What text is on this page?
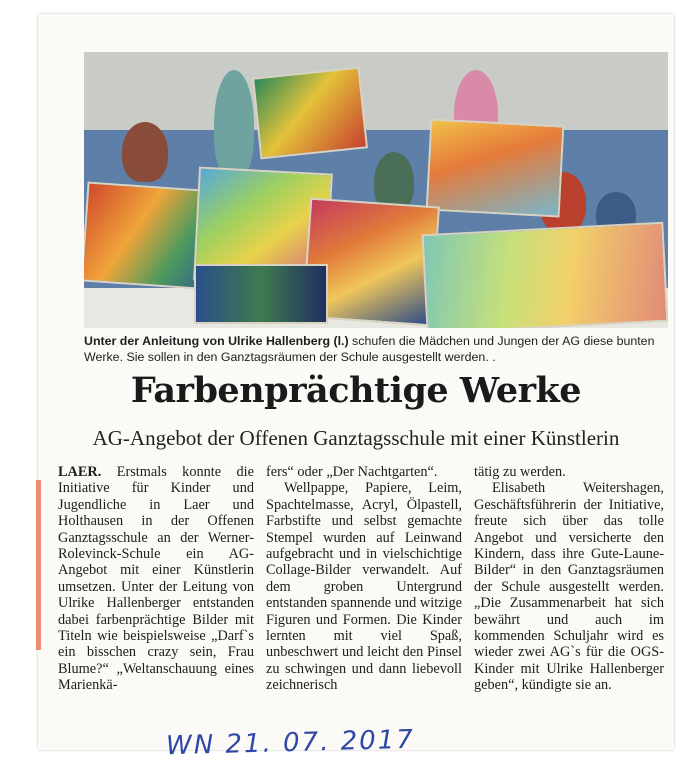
Unter der Anleitung von Ulrike Hallenberg (l.) schufen die Mädchen und Jungen der AG diese bunten Werke. Sie sollen in den Ganztagsräumen der Schule ausgestellt werden. .
Farbenprächtige Werke
AG-Angebot der Offenen Ganztagsschule mit einer Künstlerin

LAER. Erstmals konnte die Initiative für Kinder und Jugendliche in Laer und Holthausen in der Offenen Ganztagsschule an der Werner-Rolevinck-Schule ein AG-Angebot mit einer Künstlerin umsetzen. Unter der Leitung von Ulrike Hallenberger entstanden dabei farbenprächtige Bilder mit Titeln wie beispielsweise „Darf`s ein bisschen crazy sein, Frau Blume?“ „Weltanschauung eines Marienkä-

fers“ oder „Der Nachtgarten“.

Wellpappe, Papiere, Leim, Spachtelmasse, Acryl, Ölpastell, Farbstifte und selbst gemachte Stempel wurden auf Leinwand aufgebracht und in vielschichtige Collage-Bilder verwandelt. Auf dem groben Untergrund entstanden spannende und witzige Figuren und Formen. Die Kinder lernten mit viel Spaß, unbeschwert und leicht den Pinsel zu schwingen und dann liebevoll zeichnerisch

tätig zu werden.

Elisabeth Weitershagen, Geschäftsführerin der Initiative, freute sich über das tolle Angebot und versicherte den Kindern, dass ihre Gute-Laune-Bilder“ in den Ganztagsräumen der Schule ausgestellt werden. „Die Zusammenarbeit hat sich bewährt und auch im kommenden Schuljahr wird es wieder zwei AG`s für die OGS-Kinder mit Ulrike Hallenberger geben“, kündigte sie an.

WN 21. 07. 2017
